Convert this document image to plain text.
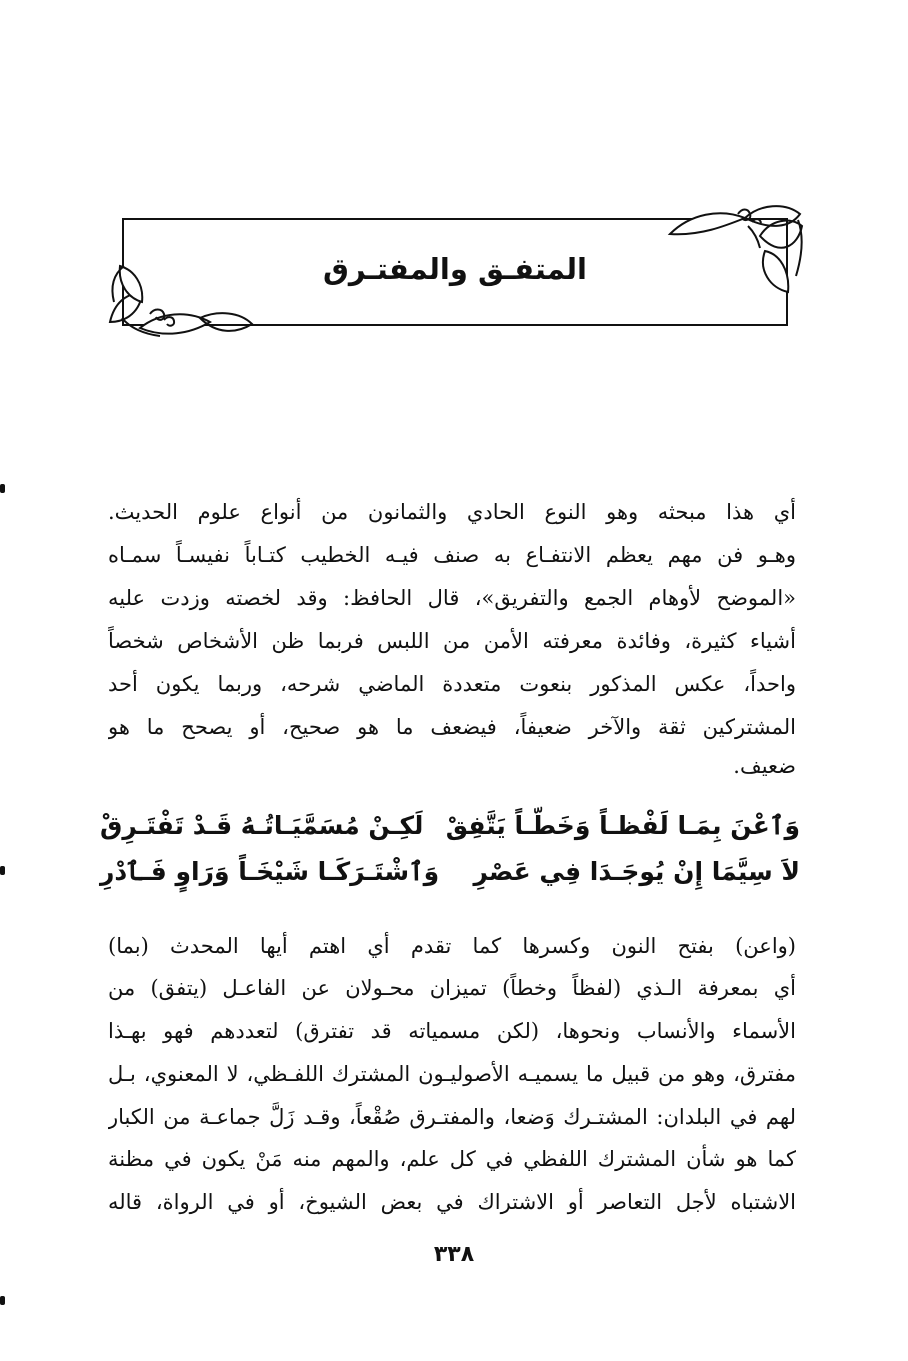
المتفـق والمفتـرق

أي هذا مبحثه وهو النوع الحادي والثمانون من أنواع علوم الحديث.

وهـو فن مهم يعظم الانتفـاع به صنف فيـه الخطيب كتـاباً نفيسـاً سمـاه

«الموضح لأوهام الجمع والتفريق»، قال الحافظ: وقد لخصته وزدت عليه

أشياء كثيرة، وفائدة معرفته الأمن من اللبس فربما ظن الأشخاص شخصاً

واحداً، عكس المذكور بنعوت متعددة الماضي شرحه، وربما يكون أحد

المشتركين ثقة والآخر ضعيفاً، فيضعف ما هو صحيح، أو يصحح ما هو

ضعيف.

وَٱعْنَ بِمَـا لَفْظـاً وَخَطّـاً يَتَّفِقْ
لَكِـنْ مُسَمَّيَـاتُـهُ قَـدْ تَفْتَـرِقْ
لاَ سِيَّمَا إِنْ يُوجَـدَا فِي عَصْرِ
وَٱشْتَـرَكَـا شَيْخَـاً وَرَاوٍ فَـٱدْرِ

(واعن) بفتح النون وكسرها كما تقدم أي اهتم أيها المحدث (بما)

أي بمعرفة الـذي (لفظاً وخطاً) تميزان محـولان عن الفاعـل (يتفق) من

الأسماء والأنساب ونحوها، (لكن مسمياته قد تفترق) لتعددهم فهو بهـذا

مفترق، وهو من قبيل ما يسميـه الأصوليـون المشترك اللفـظي، لا المعنوي، بـل

لهم في البلدان: المشتـرك وَضعا، والمفتـرق صُقْعاً، وقـد زَلَّ جماعـة من الكبار

كما هو شأن المشترك اللفظي في كل علم، والمهم منه مَنْ يكون في مظنة

الاشتباه لأجل التعاصر أو الاشتراك في بعض الشيوخ، أو في الرواة، قاله

٣٣٨
